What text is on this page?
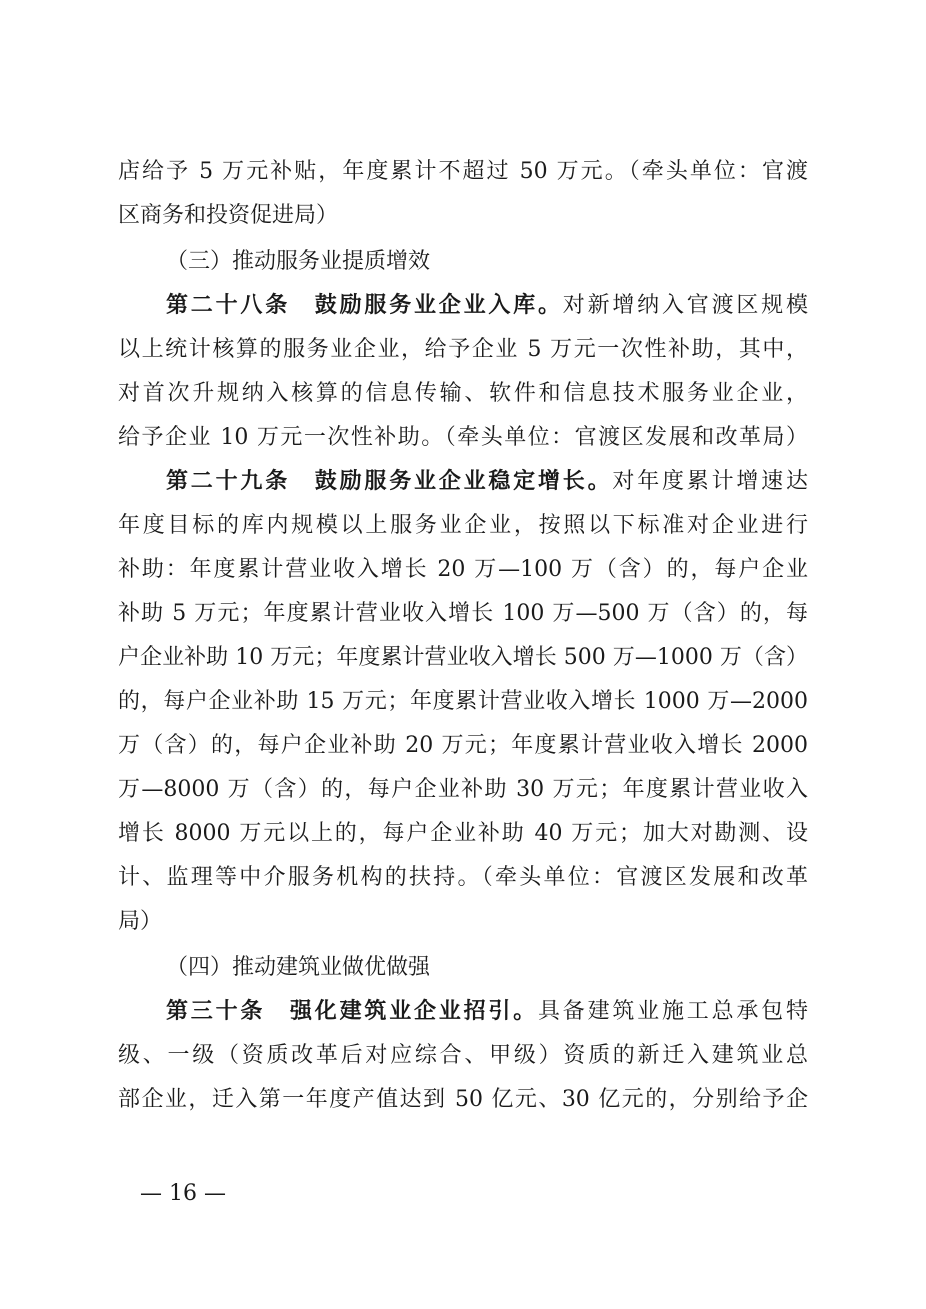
店给予 5 万元补贴，年度累计不超过 50 万元。（牵头单位：官渡
区商务和投资促进局）
（三）推动服务业提质增效
第二十八条　鼓励服务业企业入库。对新增纳入官渡区规模
以上统计核算的服务业企业，给予企业 5 万元一次性补助，其中，
对首次升规纳入核算的信息传输、软件和信息技术服务业企业，
给予企业 10 万元一次性补助。（牵头单位：官渡区发展和改革局）
第二十九条　鼓励服务业企业稳定增长。对年度累计增速达
年度目标的库内规模以上服务业企业，按照以下标准对企业进行
补助：年度累计营业收入增长 20 万—100 万（含）的，每户企业
补助 5 万元；年度累计营业收入增长 100 万—500 万（含）的，每
户企业补助 10 万元；年度累计营业收入增长 500 万—1000 万（含）
的，每户企业补助 15 万元；年度累计营业收入增长 1000 万—2000
万（含）的，每户企业补助 20 万元；年度累计营业收入增长 2000
万—8000 万（含）的，每户企业补助 30 万元；年度累计营业收入
增长 8000 万元以上的，每户企业补助 40 万元；加大对勘测、设
计、监理等中介服务机构的扶持。（牵头单位：官渡区发展和改革
局）
（四）推动建筑业做优做强
第三十条　强化建筑业企业招引。具备建筑业施工总承包特
级、一级（资质改革后对应综合、甲级）资质的新迁入建筑业总
部企业，迁入第一年度产值达到 50 亿元、30 亿元的，分别给予企
— 16 —
